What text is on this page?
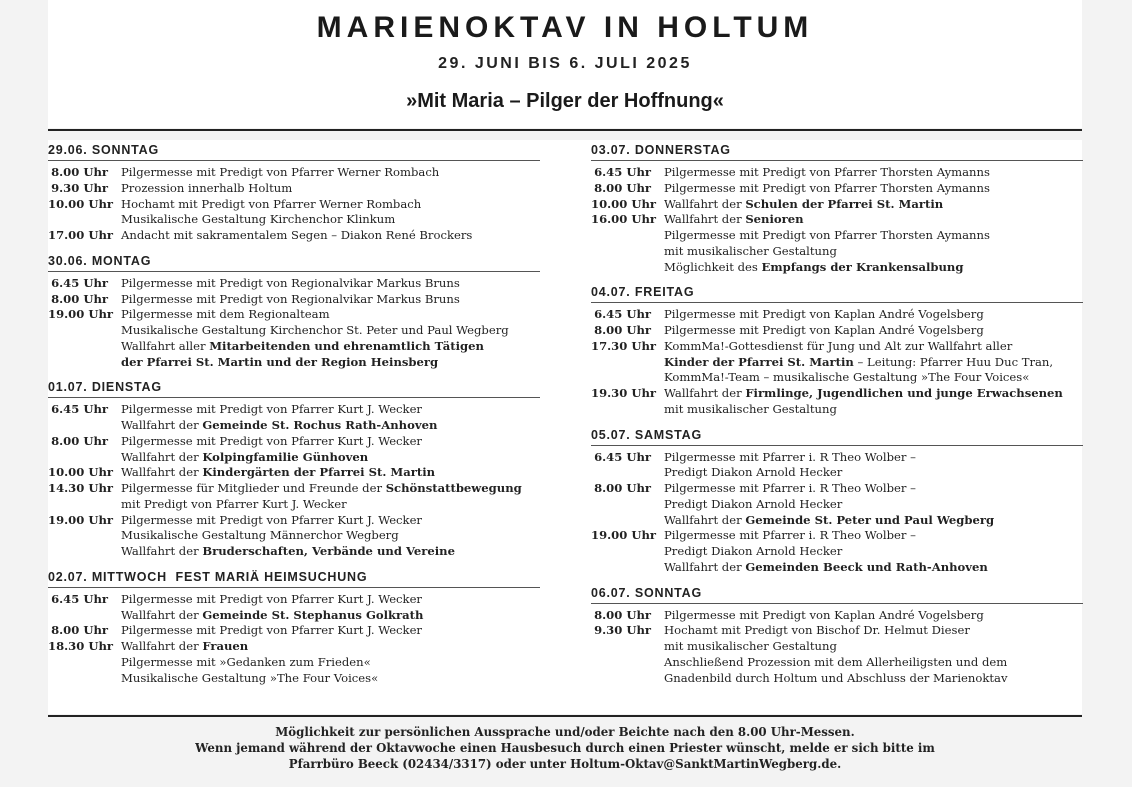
MARIENOKTAV IN HOLTUM
29. JUNI BIS 6. JULI 2025
»Mit Maria – Pilger der Hoffnung«
29.06. SONNTAG
8.00 Uhr Pilgermesse mit Predigt von Pfarrer Werner Rombach
9.30 Uhr Prozession innerhalb Holtum
10.00 Uhr Hochamt mit Predigt von Pfarrer Werner Rombach
Musikalische Gestaltung Kirchenchor Klinkum
17.00 Uhr Andacht mit sakramentalem Segen – Diakon René Brockers
30.06. MONTAG
6.45 Uhr Pilgermesse mit Predigt von Regionalvikar Markus Bruns
8.00 Uhr Pilgermesse mit Predigt von Regionalvikar Markus Bruns
19.00 Uhr Pilgermesse mit dem Regionalteam
Musikalische Gestaltung Kirchenchor St. Peter und Paul Wegberg
Wallfahrt aller Mitarbeitenden und ehrenamtlich Tätigen
der Pfarrei St. Martin und der Region Heinsberg
01.07. DIENSTAG
6.45 Uhr Pilgermesse mit Predigt von Pfarrer Kurt J. Wecker
Wallfahrt der Gemeinde St. Rochus Rath-Anhoven
8.00 Uhr Pilgermesse mit Predigt von Pfarrer Kurt J. Wecker
Wallfahrt der Kolpingfamilie Günhoven
10.00 Uhr Wallfahrt der Kindergärten der Pfarrei St. Martin
14.30 Uhr Pilgermesse für Mitglieder und Freunde der Schönstattbewegung
mit Predigt von Pfarrer Kurt J. Wecker
19.00 Uhr Pilgermesse mit Predigt von Pfarrer Kurt J. Wecker
Musikalische Gestaltung Männerchor Wegberg
Wallfahrt der Bruderschaften, Verbände und Vereine
02.07. MITTWOCH  FEST MARIÄ HEIMSUCHUNG
6.45 Uhr Pilgermesse mit Predigt von Pfarrer Kurt J. Wecker
Wallfahrt der Gemeinde St. Stephanus Golkrath
8.00 Uhr Pilgermesse mit Predigt von Pfarrer Kurt J. Wecker
18.30 Uhr Wallfahrt der Frauen
Pilgermesse mit »Gedanken zum Frieden«
Musikalische Gestaltung »The Four Voices«
03.07. DONNERSTAG
6.45 Uhr Pilgermesse mit Predigt von Pfarrer Thorsten Aymanns
8.00 Uhr Pilgermesse mit Predigt von Pfarrer Thorsten Aymanns
10.00 Uhr Wallfahrt der Schulen der Pfarrei St. Martin
16.00 Uhr Wallfahrt der Senioren
Pilgermesse mit Predigt von Pfarrer Thorsten Aymanns
mit musikalischer Gestaltung
Möglichkeit des Empfangs der Krankensalbung
04.07. FREITAG
6.45 Uhr Pilgermesse mit Predigt von Kaplan André Vogelsberg
8.00 Uhr Pilgermesse mit Predigt von Kaplan André Vogelsberg
17.30 Uhr KommMa!-Gottesdienst für Jung und Alt zur Wallfahrt aller
Kinder der Pfarrei St. Martin – Leitung: Pfarrer Huu Duc Tran,
KommMa!-Team – musikalische Gestaltung »The Four Voices«
19.30 Uhr Wallfahrt der Firmlinge, Jugendlichen und junge Erwachsenen
mit musikalischer Gestaltung
05.07. SAMSTAG
6.45 Uhr Pilgermesse mit Pfarrer i. R Theo Wolber –
Predigt Diakon Arnold Hecker
8.00 Uhr Pilgermesse mit Pfarrer i. R Theo Wolber –
Predigt Diakon Arnold Hecker
Wallfahrt der Gemeinde St. Peter und Paul Wegberg
19.00 Uhr Pilgermesse mit Pfarrer i. R Theo Wolber –
Predigt Diakon Arnold Hecker
Wallfahrt der Gemeinden Beeck und Rath-Anhoven
06.07. SONNTAG
8.00 Uhr Pilgermesse mit Predigt von Kaplan André Vogelsberg
9.30 Uhr Hochamt mit Predigt von Bischof Dr. Helmut Dieser
mit musikalischer Gestaltung
Anschließend Prozession mit dem Allerheiligsten und dem
Gnadenbild durch Holtum und Abschluss der Marienoktav
Möglichkeit zur persönlichen Aussprache und/oder Beichte nach den 8.00 Uhr-Messen.
Wenn jemand während der Oktavwoche einen Hausbesuch durch einen Priester wünscht, melde er sich bitte im
Pfarrbüro Beeck (02434/3317) oder unter Holtum-Oktav@SanktMartinWegberg.de.
